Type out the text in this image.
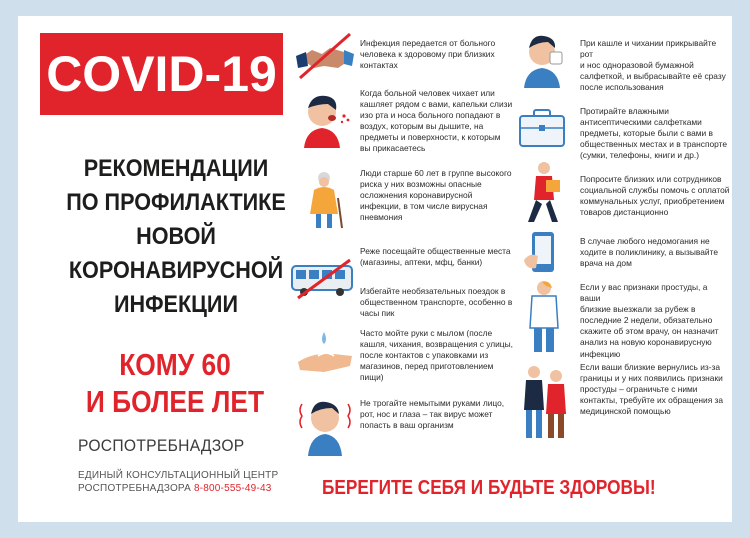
COVID-19
РЕКОМЕНДАЦИИ
ПО ПРОФИЛАКТИКЕ
НОВОЙ
КОРОНАВИРУСНОЙ
ИНФЕКЦИИ
КОМУ 60
И БОЛЕЕ ЛЕТ
РОСПОТРЕБНАДЗОР
ЕДИНЫЙ КОНСУЛЬТАЦИОННЫЙ ЦЕНТР
РОСПОТРЕБНАДЗОРА 8-800-555-49-43
Инфекция передается от больного
человека к здоровому при близких
контактах
Когда больной человек чихает или
кашляет рядом с вами, капельки слизи
изо рта и носа больного попадают в
воздух, которым вы дышите, на
предметы и поверхности, к которым
вы прикасаетесь
Люди старше 60 лет в группе высокого
риска у них возможны опасные
осложнения коронавирусной
инфекции, в том числе вирусная
пневмония
Реже посещайте общественные места
(магазины, аптеки, мфц, банки)
Избегайте необязательных поездок в
общественном транспорте, особенно в
часы пик
Часто мойте руки с мылом (после
кашля, чихания, возвращения с улицы,
после контактов с упаковками из
магазинов, перед приготовлением
пищи)
Не трогайте немытыми руками лицо,
рот, нос и глаза – так вирус может
попасть в ваш организм
При кашле и чихании прикрывайте рот
и нос одноразовой бумажной
салфеткой, и выбрасывайте её сразу
после использования
Протирайте влажными
антисептическими салфетками
предметы, которые были с вами в
общественных местах и в транспорте
(сумки, телефоны, книги и др.)
Попросите близких или сотрудников
социальной службы помочь с оплатой
коммунальных услуг, приобретением
товаров дистанционно
В случае любого недомогания не
ходите в поликлинику, а вызывайте
врача на дом
Если у вас признаки простуды, а ваши
близкие выезжали за рубеж в
последние 2 недели, обязательно
скажите об этом врачу, он назначит
анализ на новую коронавирусную
инфекцию
Если ваши близкие вернулись из-за
границы и у них появились признаки
простуды – ограничьте с ними
контакты, требуйте их обращения за
медицинской помощью
БЕРЕГИТЕ СЕБЯ И БУДЬТЕ ЗДОРОВЫ!
